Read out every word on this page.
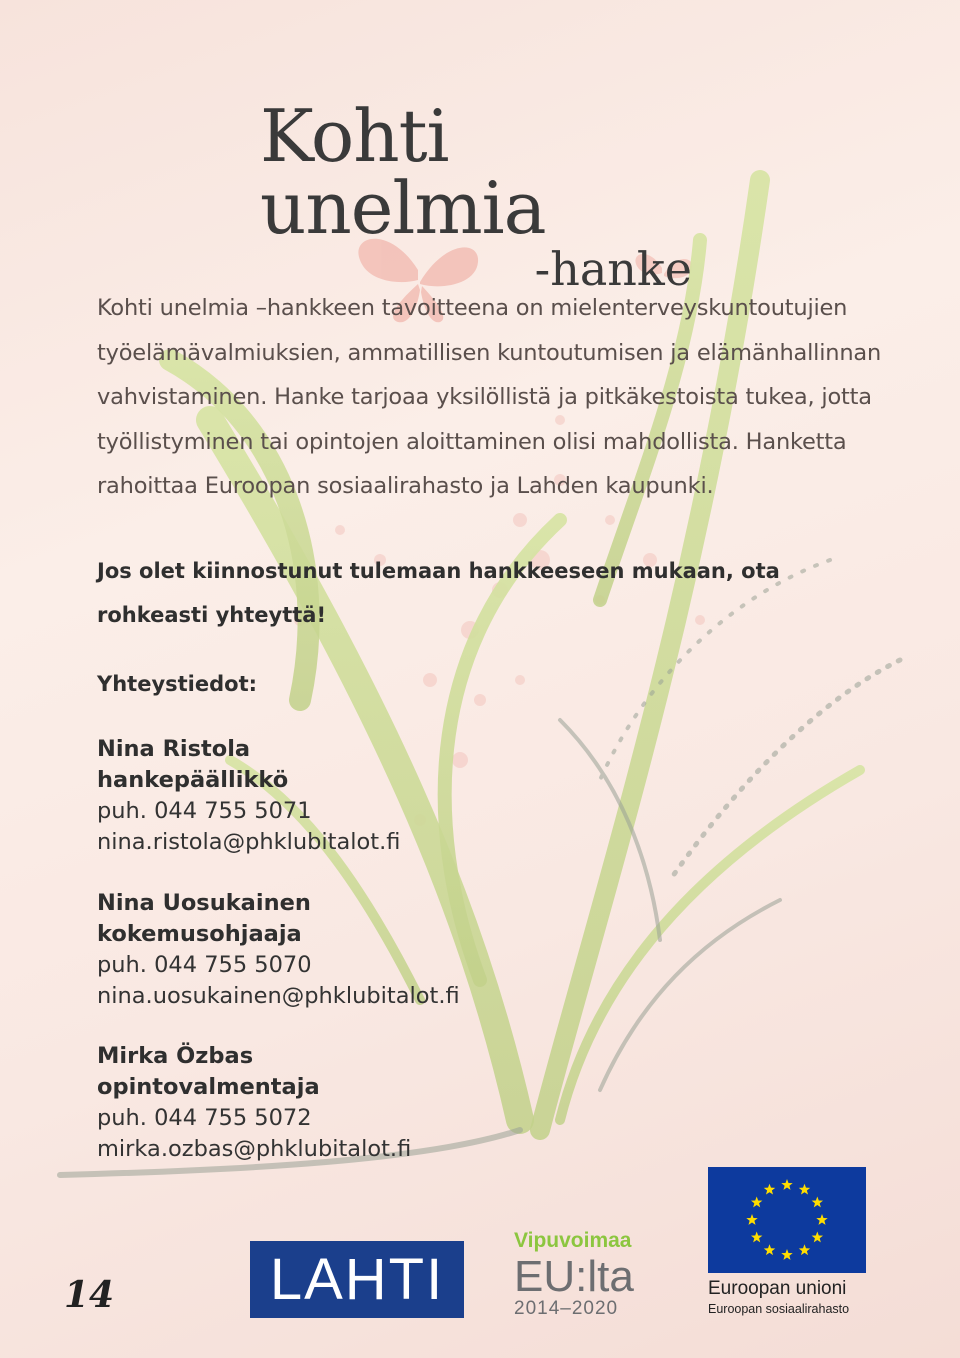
Kohti unelmia
-hanke

Kohti unelmia –hankkeen tavoitteena on mielenterveyskuntoutujien työelämävalmiuksien, ammatillisen kuntoutumisen ja elämänhallinnan vahvistaminen. Hanke tarjoaa yksilöllistä ja pitkäkestoista tukea, jotta työllistyminen tai opintojen aloittaminen olisi mahdollista. Hanketta rahoittaa Euroopan sosiaalirahasto ja Lahden kaupunki.

Jos olet kiinnostunut tulemaan hankkeeseen mukaan, ota rohkeasti yhteyttä!

Yhteystiedot:

Nina Ristola
hankepäällikkö
puh. 044 755 5071
nina.ristola@phklubitalot.fi
Nina Uosukainen
kokemusohjaaja
puh. 044 755 5070
nina.uosukainen@phklubitalot.fi
Mirka Özbas
opintovalmentaja
puh. 044 755 5072
mirka.ozbas@phklubitalot.fi
14	LAHTI
Vipuvoimaa
EU:lta
2014–2020

Euroopan unioni

Euroopan sosiaalirahasto
